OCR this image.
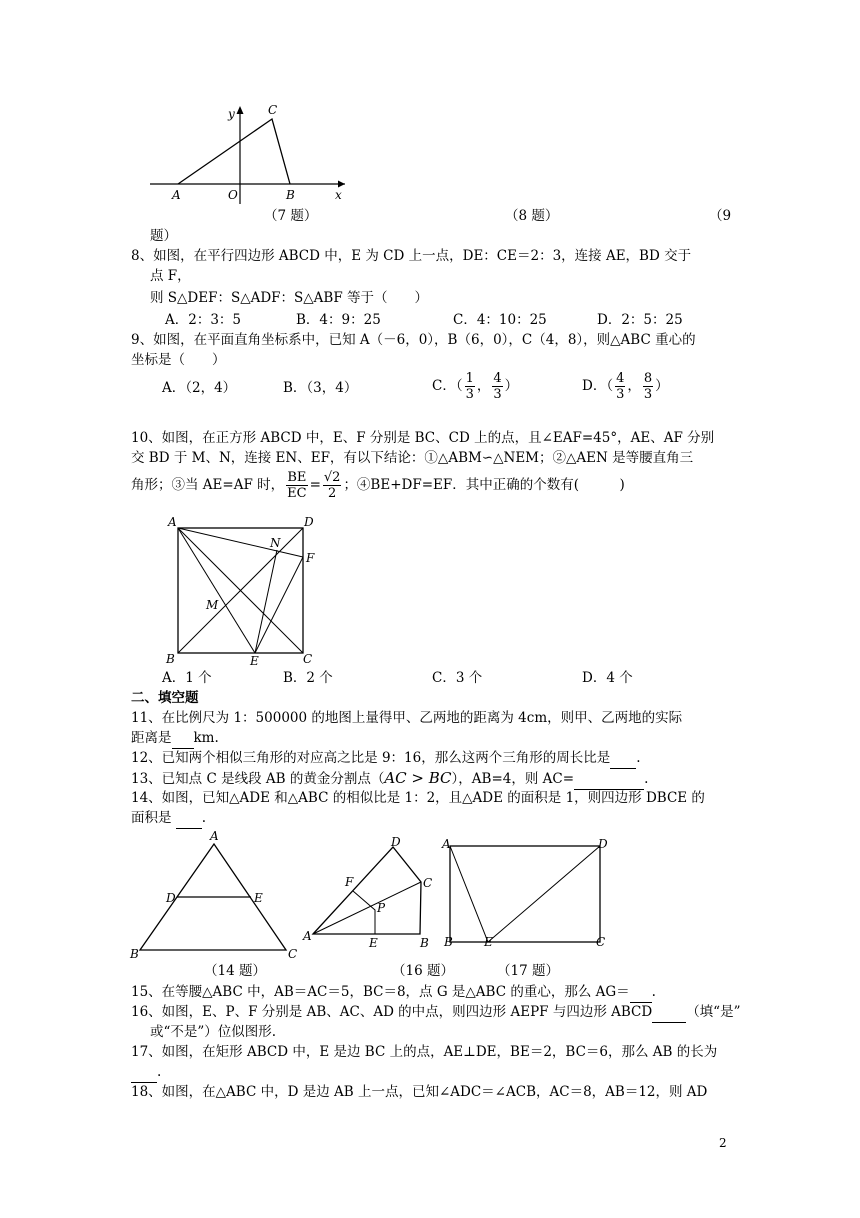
y	C
A	O	B	x
（7 题）	（8 题）	（9
题）
8、如图，在平行四边形 ABCD 中，E 为 CD 上一点，DE：CE＝2：3，连接 AE，BD 交于
点 F，
则 S△DEF：S△ADF：S△ABF 等于（　　）
A．2：3：5	B．4：9：25	C．4：10：25	D．2：5：25
9、如图，在平面直角坐标系中，已知 A（－6，0），B（6，0），C（4，8），则△ABC 重心的
坐标是（　　）
A．（2，4）	B．（3，4）	C．（ $\frac{1}{3}$ ， $\frac{4}{3}$ ）	D．（ $\frac{4}{3}$ ， $\frac{8}{3}$ ）
10、如图，在正方形 ABCD 中，E、F 分别是 BC、CD 上的点，且∠EAF=45°，AE、AF 分别
交 BD 于 M、N，连接 EN、EF，有以下结论：①△ABM∽△NEM；②△AEN 是等腰直角三
角形；③当 AE=AF 时， $\frac{BE}{EC} = \frac{√2}{2}$ ；④BE+DF=EF．其中正确的个数有(　　　)
A	D
N
F
M
B	E	C
A．1 个	B．2 个	C．3 个	D．4 个
二、填空题
11、在比例尺为 1：500000 的地图上量得甲、乙两地的距离为 4cm，则甲、乙两地的实际
距离是 km.
12、已知两个相似三角形的对应高之比是 9：16，那么这两个三角形的周长比是 .
13、已知点 C 是线段 AB 的黄金分割点（AC > BC），AB=4，则 AC=	.
14、如图，已知△ADE 和△ABC 的相似比是 1：2，且△ADE 的面积是 1，则四边形 DBCE 的
面积是  .
A
D	E
B	C
D
F	C
P
A	E	B
A	D
B	E	C
（14 题）	（16 题）	（17 题）
15、在等腰△ABC 中，AB＝AC＝5，BC＝8，点 G 是△ABC 的重心，那么 AG＝ .
16、如图，E、P、F 分别是 AB、AC、AD 的中点，则四边形 AEPF 与四边形 ABCD	（填“是”
或“不是”）位似图形.
17、如图，在矩形 ABCD 中，E 是边 BC 上的点，AE⊥DE，BE＝2，BC＝6，那么 AB 的长为
.
18、如图，在△ABC 中，D 是边 AB 上一点，已知∠ADC＝∠ACB，AC＝8，AB＝12，则 AD
2
